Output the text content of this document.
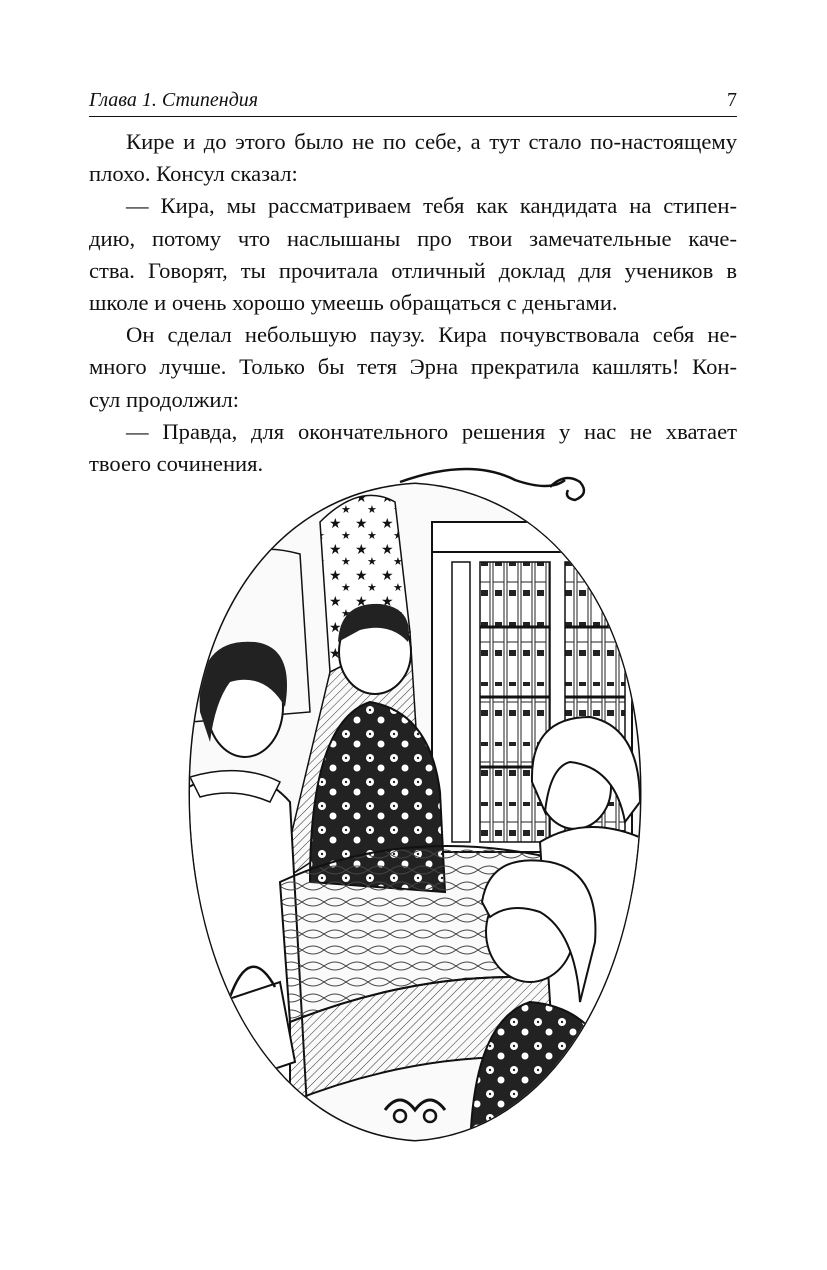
Глава 1. Стипендия	7
Кире и до этого было не по себе, а тут стало по-настоящему
плохо. Консул сказал:
— Кира, мы рассматриваем тебя как кандидата на стипен-
дию, потому что наслышаны про твои замечательные каче-
ства. Говорят, ты прочитала отличный доклад для учеников в
школе и очень хорошо умеешь обращаться с деньгами.
Он сделал небольшую паузу. Кира почувствовала себя не-
много лучше. Только бы тетя Эрна прекратила кашлять! Кон-
сул продолжил:
— Правда, для окончательного решения у нас не хватает
твоего сочинения.
